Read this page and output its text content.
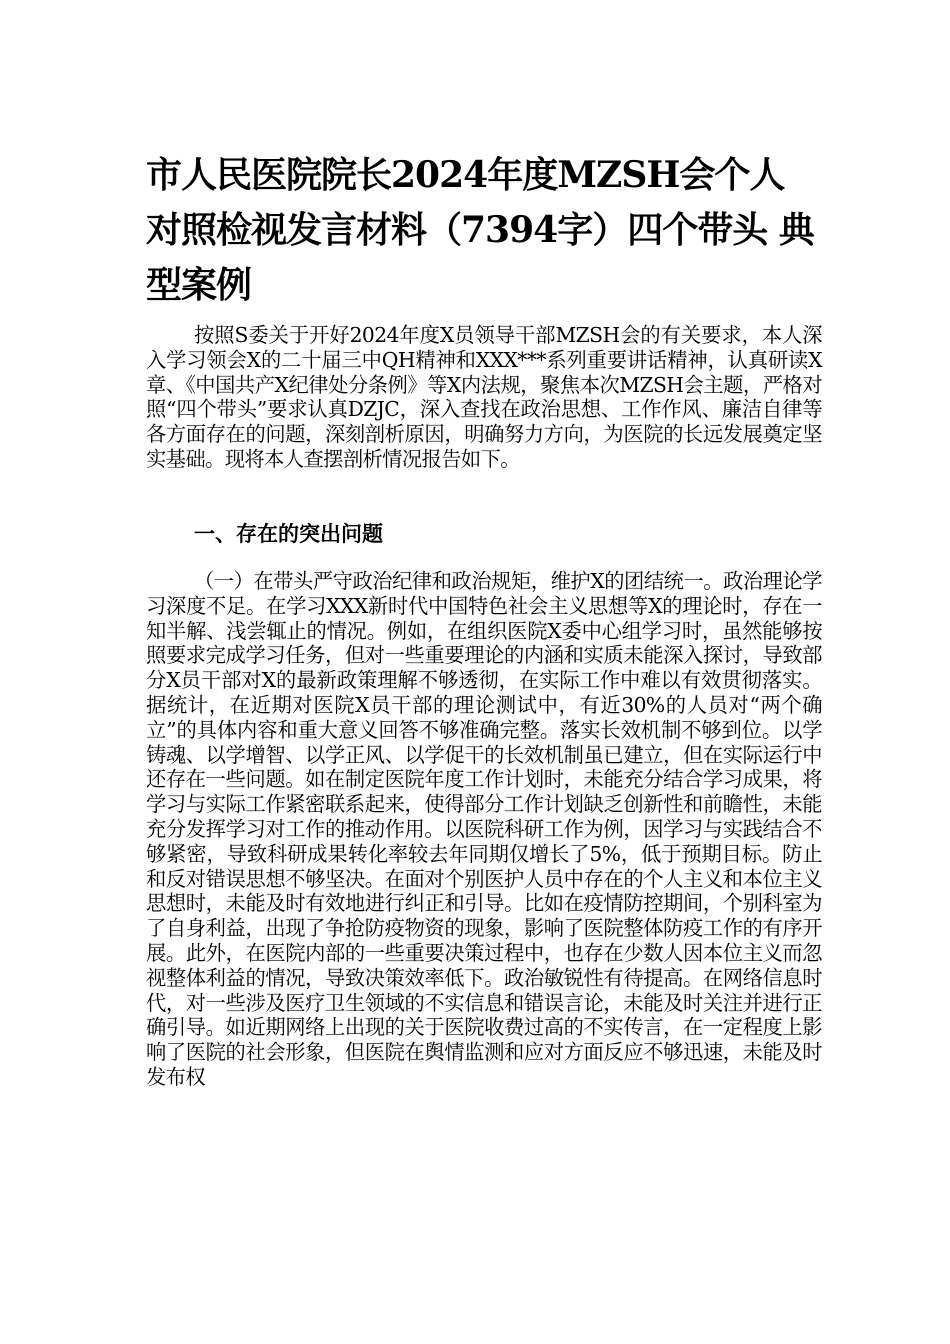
市人民医院院长2024年度MZSH会个人对照检视发言材料（7394字）四个带头 典型案例

按照S委关于开好2024年度X员领导干部MZSH会的有关要求，本人深入学习领会X的二十届三中QH精神和XXX***系列重要讲话精神，认真研读X章、《中国共产X纪律处分条例》等X内法规，聚焦本次MZSH会主题，严格对照“四个带头”要求认真DZJC，深入查找在政治思想、工作作风、廉洁自律等各方面存在的问题，深刻剖析原因，明确努力方向，为医院的长远发展奠定坚实基础。现将本人查摆剖析情况报告如下。

一、存在的突出问题

（一）在带头严守政治纪律和政治规矩，维护X的团结统一。政治理论学习深度不足。在学习XXX新时代中国特色社会主义思想等X的理论时，存在一知半解、浅尝辄止的情况。例如，在组织医院X委中心组学习时，虽然能够按照要求完成学习任务，但对一些重要理论的内涵和实质未能深入探讨，导致部分X员干部对X的最新政策理解不够透彻，在实际工作中难以有效贯彻落实。据统计，在近期对医院X员干部的理论测试中，有近30%的人员对“两个确立”的具体内容和重大意义回答不够准确完整。落实长效机制不够到位。以学铸魂、以学增智、以学正风、以学促干的长效机制虽已建立，但在实际运行中还存在一些问题。如在制定医院年度工作计划时，未能充分结合学习成果，将学习与实际工作紧密联系起来，使得部分工作计划缺乏创新性和前瞻性，未能充分发挥学习对工作的推动作用。以医院科研工作为例，因学习与实践结合不够紧密，导致科研成果转化率较去年同期仅增长了5%，低于预期目标。防止和反对错误思想不够坚决。在面对个别医护人员中存在的个人主义和本位主义思想时，未能及时有效地进行纠正和引导。比如在疫情防控期间，个别科室为了自身利益，出现了争抢防疫物资的现象，影响了医院整体防疫工作的有序开展。此外，在医院内部的一些重要决策过程中，也存在少数人因本位主义而忽视整体利益的情况，导致决策效率低下。政治敏锐性有待提高。在网络信息时代，对一些涉及医疗卫生领域的不实信息和错误言论，未能及时关注并进行正确引导。如近期网络上出现的关于医院收费过高的不实传言，在一定程度上影响了医院的社会形象，但医院在舆情监测和应对方面反应不够迅速，未能及时发布权
